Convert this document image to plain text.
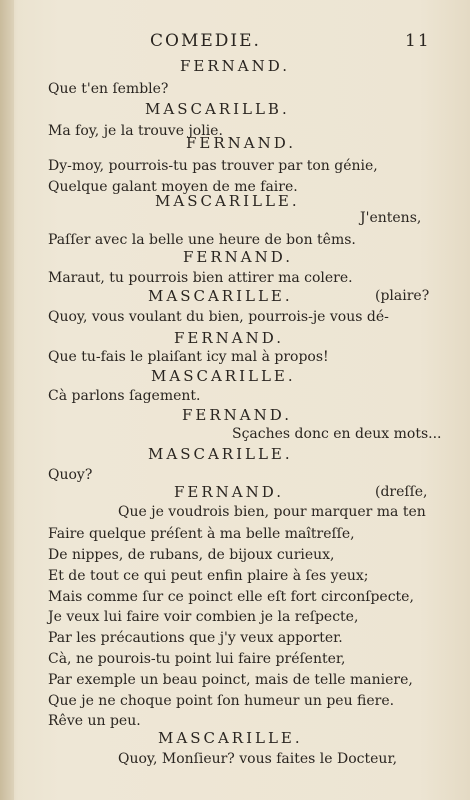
COMEDIE.	11
FERNAND.
Que t'en ſemble?
MASCARILLB.
Ma foy, je la trouve jolie.
FERNAND.
Dy-moy, pourrois-tu pas trouver par ton génie,
Quelque galant moyen de me faire.
MASCARILLE.
J'entens,
Paſſer avec la belle une heure de bon têms.
FERNAND.
Maraut, tu pourrois bien attirer ma colere.
MASCARILLE.	(plaire?
Quoy, vous voulant du bien, pourrois-je vous dé-
FERNAND.
Que tu-fais le plaiſant icy mal à propos!
MASCARILLE.
Cà parlons ſagement.
FERNAND.
Sçaches donc en deux mots...
MASCARILLE.
Quoy?
FERNAND.	(dreſſe,
Que je voudrois bien, pour marquer ma ten
Faire quelque préſent à ma belle maîtreſſe,
De nippes, de rubans, de bijoux curieux,
Et de tout ce qui peut enfin plaire à ſes yeux;
Mais comme ſur ce poinct elle eſt fort circonſpecte,
Je veux lui faire voir combien je la reſpecte,
Par les précautions que j'y veux apporter.
Cà, ne pourois-tu point lui faire préſenter,
Par exemple un beau poinct, mais de telle maniere,
Que je ne choque point ſon humeur un peu fiere.
Rêve un peu.
MASCARILLE.
Quoy, Monſieur? vous faites le Docteur,
